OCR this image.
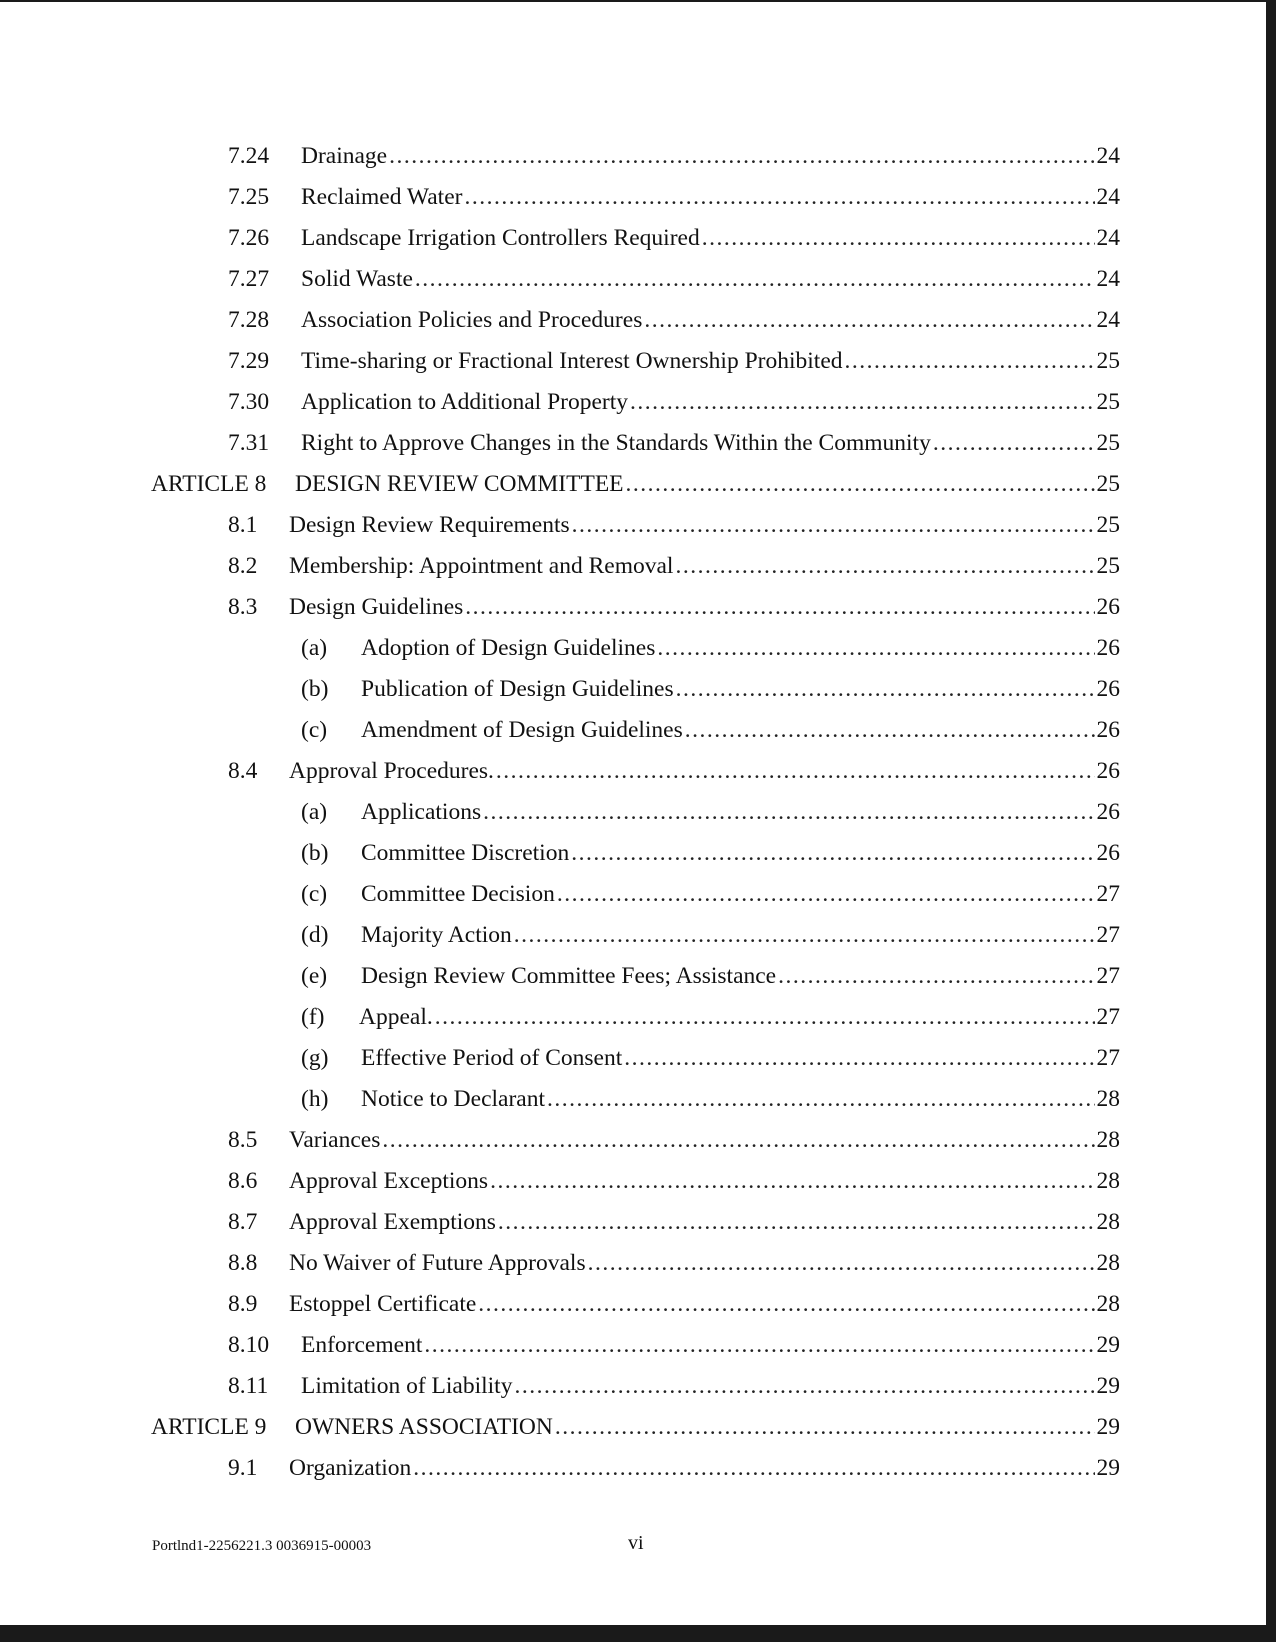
7.24 Drainage .....	24
7.25 Reclaimed Water .....	24
7.26 Landscape Irrigation Controllers Required .....	24
7.27 Solid Waste .....	24
7.28 Association Policies and Procedures .....	24
7.29 Time-sharing or Fractional Interest Ownership Prohibited .....	25
7.30 Application to Additional Property .....	25
7.31 Right to Approve Changes in the Standards Within the Community .....	25
ARTICLE 8 DESIGN REVIEW COMMITTEE .....	25
8.1 Design Review Requirements .....	25
8.2 Membership: Appointment and Removal .....	25
8.3 Design Guidelines .....	26
(a) Adoption of Design Guidelines .....	26
(b) Publication of Design Guidelines .....	26
(c) Amendment of Design Guidelines .....	26
8.4 Approval Procedures. .....	26
(a) Applications .....	26
(b) Committee Discretion .....	26
(c) Committee Decision .....	27
(d) Majority Action .....	27
(e) Design Review Committee Fees; Assistance .....	27
(f) Appeal. .....	27
(g) Effective Period of Consent .....	27
(h) Notice to Declarant .....	28
8.5 Variances .....	28
8.6 Approval Exceptions .....	28
8.7 Approval Exemptions .....	28
8.8 No Waiver of Future Approvals .....	28
8.9 Estoppel Certificate .....	28
8.10 Enforcement .....	29
8.11 Limitation of Liability .....	29
ARTICLE 9 OWNERS ASSOCIATION .....	29
9.1 Organization .....	29
Portlnd1-2256221.3 0036915-00003	vi
